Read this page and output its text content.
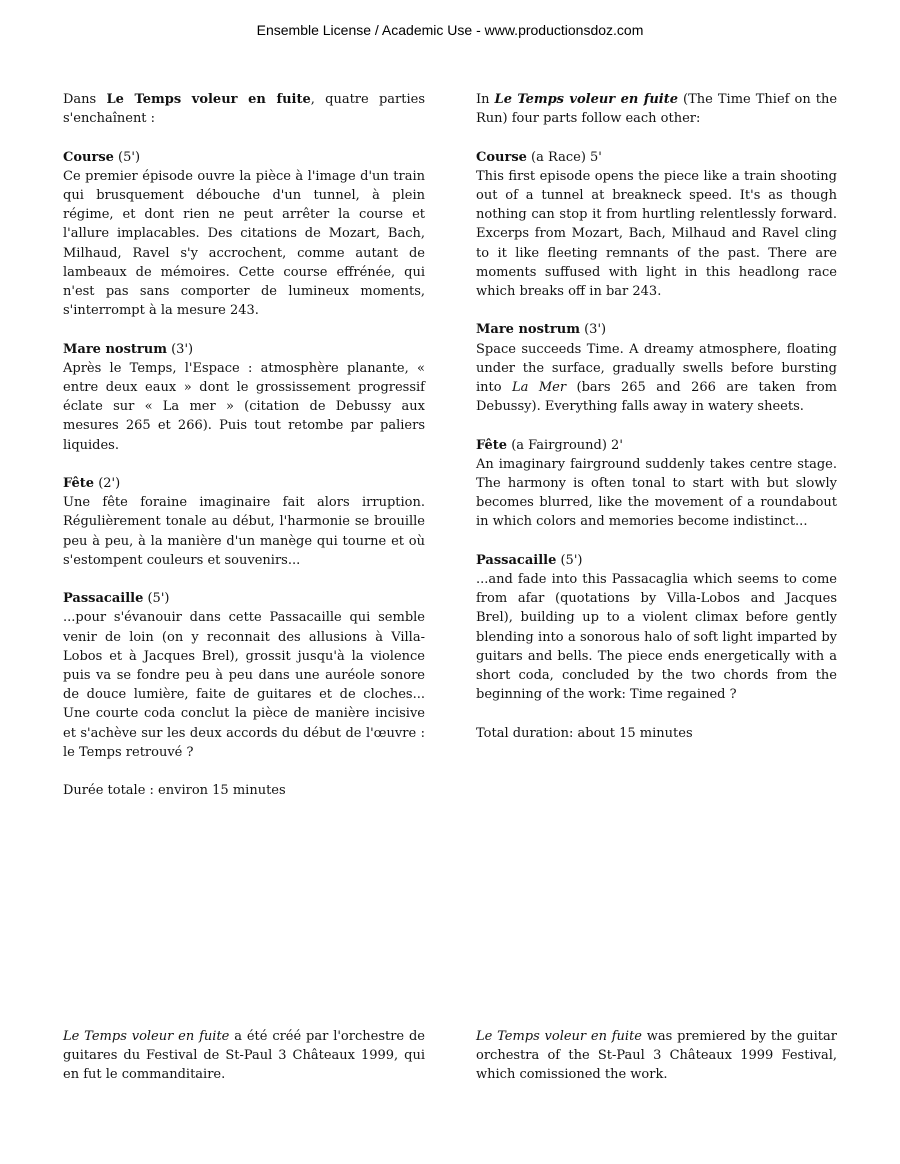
Ensemble License / Academic Use - www.productionsdoz.com

Dans Le Temps voleur en fuite, quatre parties s'enchaînent :

Course (5')

Ce premier épisode ouvre la pièce à l'image d'un train qui brusquement débouche d'un tunnel, à plein régime, et dont rien ne peut arrêter la course et l'allure implacables. Des citations de Mozart, Bach, Milhaud, Ravel s'y accrochent, comme autant de lambeaux de mémoires. Cette course effrénée, qui n'est pas sans comporter de lumineux moments, s'interrompt à la mesure 243.

Mare nostrum (3')

Après le Temps, l'Espace : atmosphère planante, « entre deux eaux » dont le grossissement progressif éclate sur « La mer » (citation de Debussy aux mesures 265 et 266). Puis tout retombe par paliers liquides.

Fête (2')

Une fête foraine imaginaire fait alors irruption. Régulièrement tonale au début, l'harmonie se brouille peu à peu, à la manière d'un manège qui tourne et où s'estompent couleurs et souvenirs...

Passacaille (5')

...pour s'évanouir dans cette Passacaille qui semble venir de loin (on y reconnait des allusions à Villa-Lobos et à Jacques Brel), grossit jusqu'à la violence puis va se fondre peu à peu dans une auréole sonore de douce lumière, faite de guitares et de cloches... Une courte coda conclut la pièce de manière incisive et s'achève sur les deux accords du début de l'œuvre : le Temps retrouvé ?

Durée totale : environ 15 minutes

In Le Temps voleur en fuite (The Time Thief on the Run) four parts follow each other:

Course (a Race) 5'

This first episode opens the piece like a train shooting out of a tunnel at breakneck speed. It's as though nothing can stop it from hurtling relentlessly forward. Excerps from Mozart, Bach, Milhaud and Ravel cling to it like fleeting remnants of the past. There are moments suffused with light in this headlong race which breaks off in bar 243.

Mare nostrum (3')

Space succeeds Time. A dreamy atmosphere, floating under the surface, gradually swells before bursting into La Mer (bars 265 and 266 are taken from Debussy). Everything falls away in watery sheets.

Fête (a Fairground) 2'

An imaginary fairground suddenly takes centre stage. The harmony is often tonal to start with but slowly becomes blurred, like the movement of a roundabout in which colors and memories become indistinct...

Passacaille (5')

...and fade into this Passacaglia which seems to come from afar (quotations by Villa-Lobos and Jacques Brel), building up to a violent climax before gently blending into a sonorous halo of soft light imparted by guitars and bells. The piece ends energetically with a short coda, concluded by the two chords from the beginning of the work: Time regained ?

Total duration: about 15 minutes

Le Temps voleur en fuite a été créé par l'orchestre de guitares du Festival de St-Paul 3 Châteaux 1999, qui en fut le commanditaire.
Le Temps voleur en fuite was premiered by the guitar orchestra of the St-Paul 3 Châteaux 1999 Festival, which comissioned the work.
